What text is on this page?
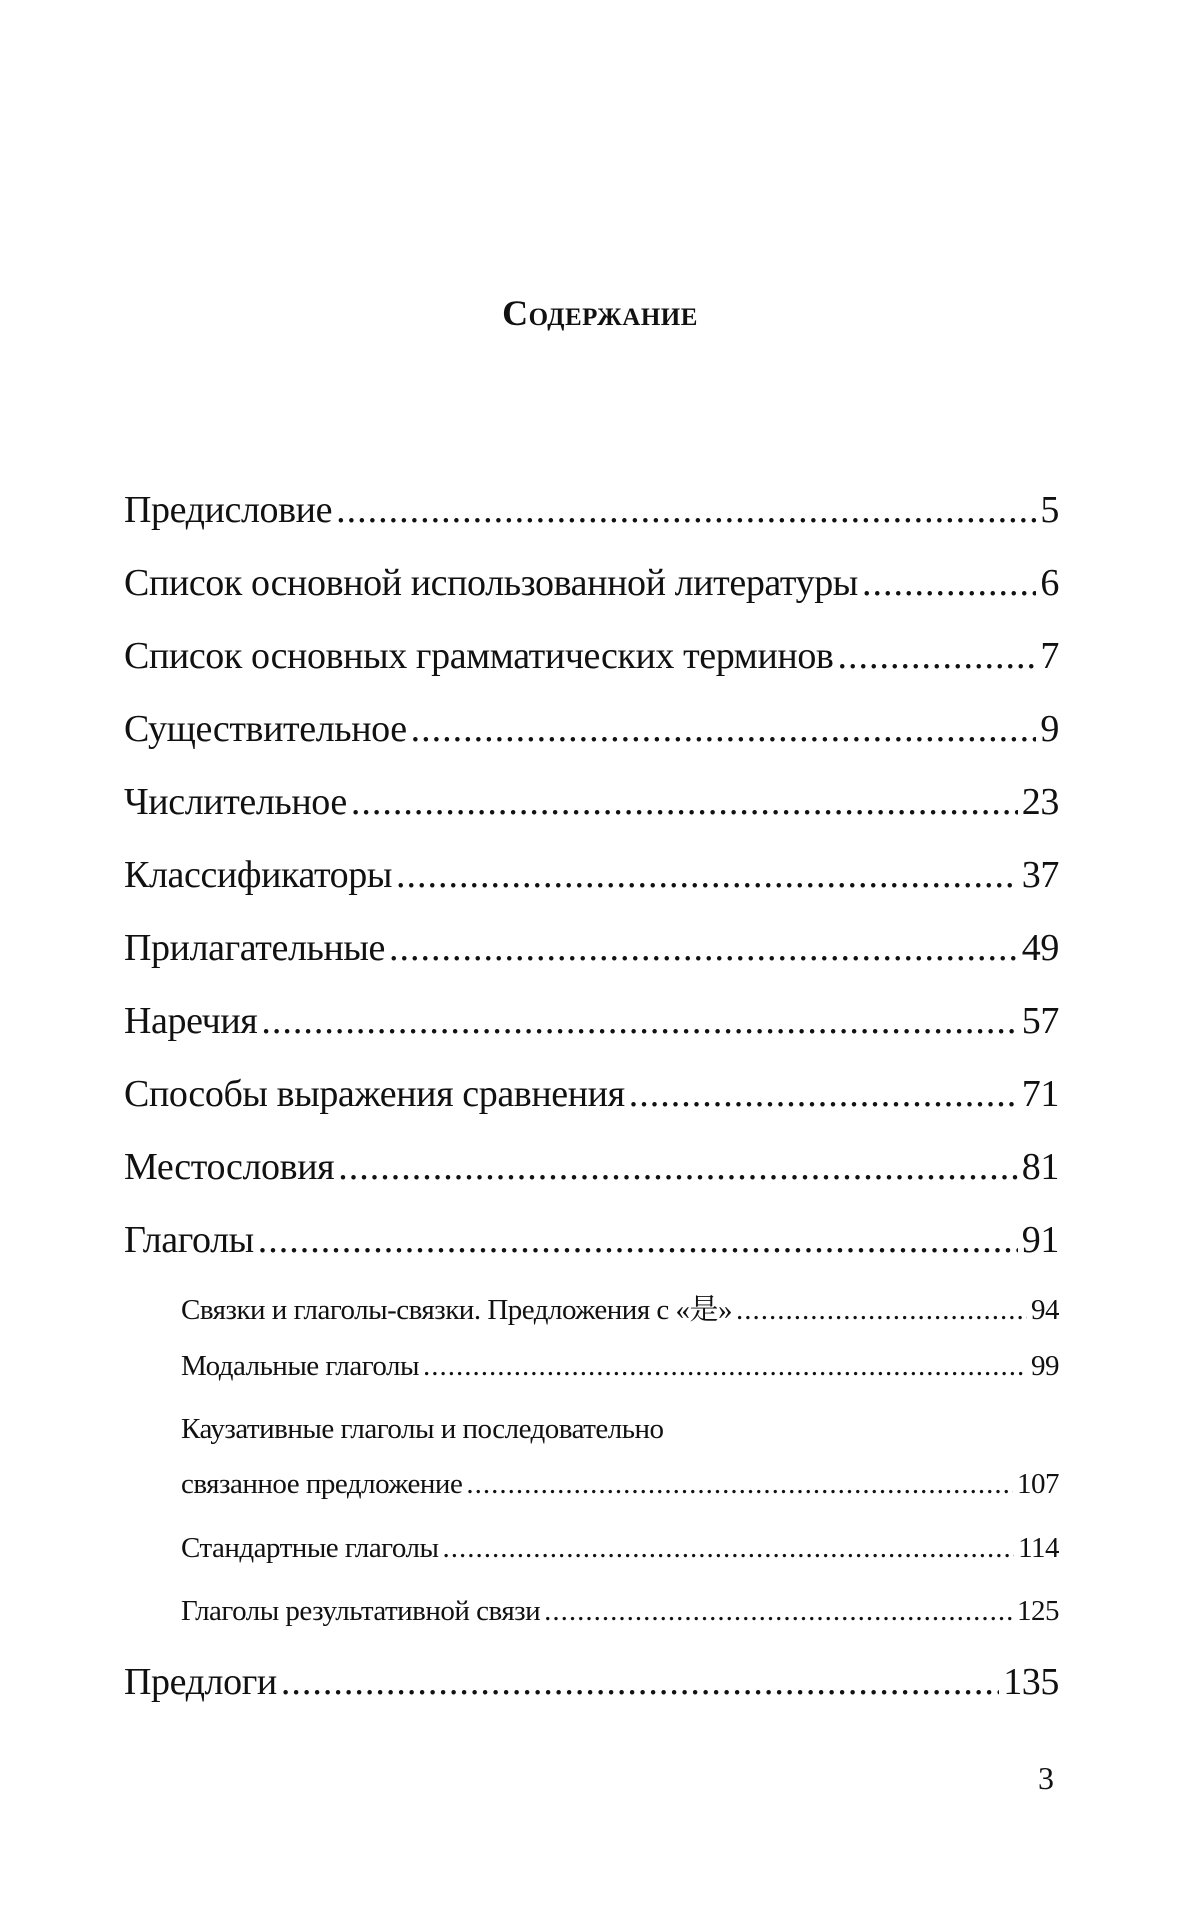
Содержание
Предисловие .....	5
Список основной использованной литературы .....	6
Список основных грамматических терминов .....	7
Существительное .....	9
Числительное .....	23
Классификаторы .....	37
Прилагательные .....	49
Наречия .....	57
Способы выражения сравнения .....	71
Местословия .....	81
Глаголы .....	91
Связки и глаголы-связки. Предложения с «是» .....	94
Модальные глаголы .....	99
Каузативные глаголы и последовательно
связанное предложение .....	107
Стандартные глаголы .....	114
Глаголы результативной связи .....	125
Предлоги .....	135
3
